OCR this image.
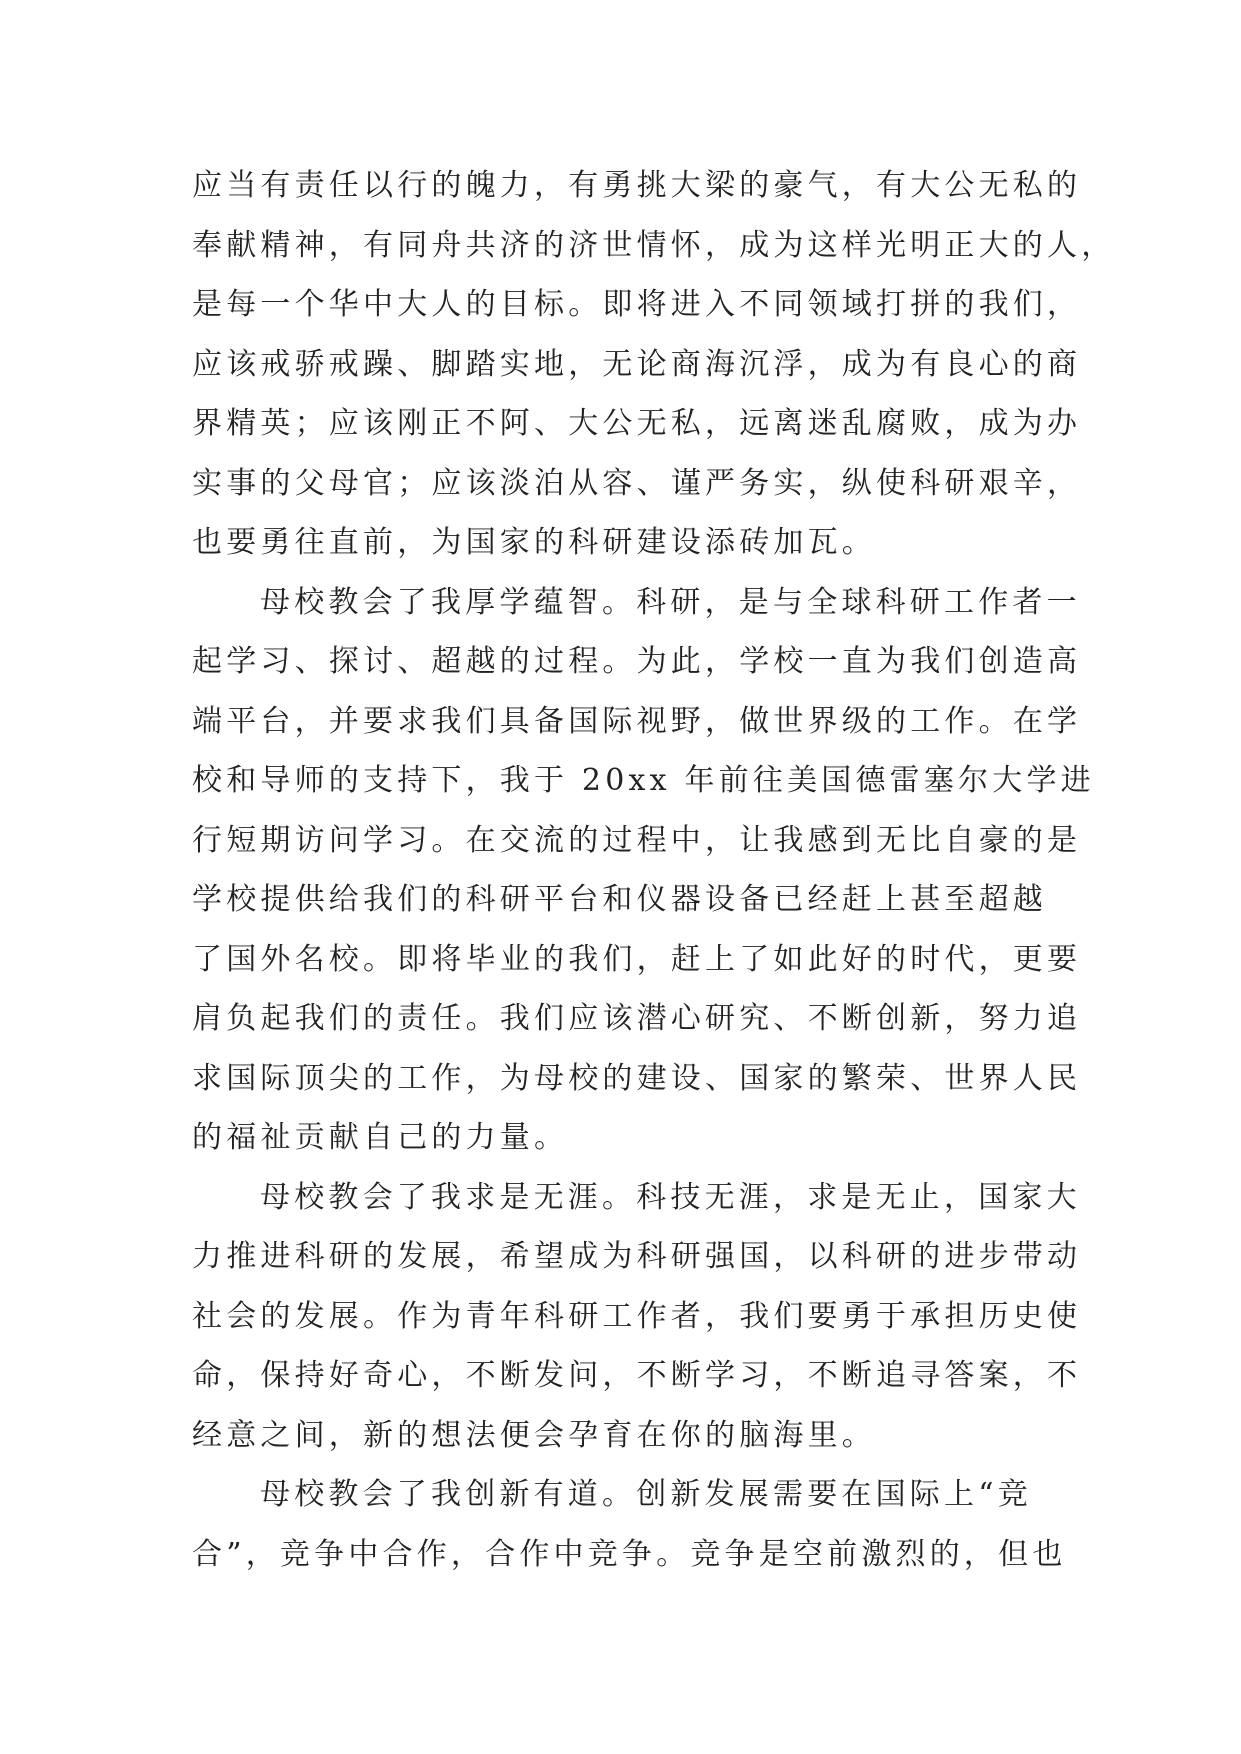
应当有责任以行的魄力，有勇挑大梁的豪气，有大公无私的
奉献精神，有同舟共济的济世情怀，成为这样光明正大的人，
是每一个华中大人的目标。即将进入不同领域打拼的我们，
应该戒骄戒躁、脚踏实地，无论商海沉浮，成为有良心的商
界精英；应该刚正不阿、大公无私，远离迷乱腐败，成为办
实事的父母官；应该淡泊从容、谨严务实，纵使科研艰辛，
也要勇往直前，为国家的科研建设添砖加瓦。
母校教会了我厚学蕴智。科研，是与全球科研工作者一
起学习、探讨、超越的过程。为此，学校一直为我们创造高
端平台，并要求我们具备国际视野，做世界级的工作。在学
校和导师的支持下，我于 20xx 年前往美国德雷塞尔大学进
行短期访问学习。在交流的过程中，让我感到无比自豪的是
学校提供给我们的科研平台和仪器设备已经赶上甚至超越
了国外名校。即将毕业的我们，赶上了如此好的时代，更要
肩负起我们的责任。我们应该潜心研究、不断创新，努力追
求国际顶尖的工作，为母校的建设、国家的繁荣、世界人民
的福祉贡献自己的力量。
母校教会了我求是无涯。科技无涯，求是无止，国家大
力推进科研的发展，希望成为科研强国，以科研的进步带动
社会的发展。作为青年科研工作者，我们要勇于承担历史使
命，保持好奇心，不断发问，不断学习，不断追寻答案，不
经意之间，新的想法便会孕育在你的脑海里。
母校教会了我创新有道。创新发展需要在国际上“竞
合”，竞争中合作，合作中竞争。竞争是空前激烈的，但也
